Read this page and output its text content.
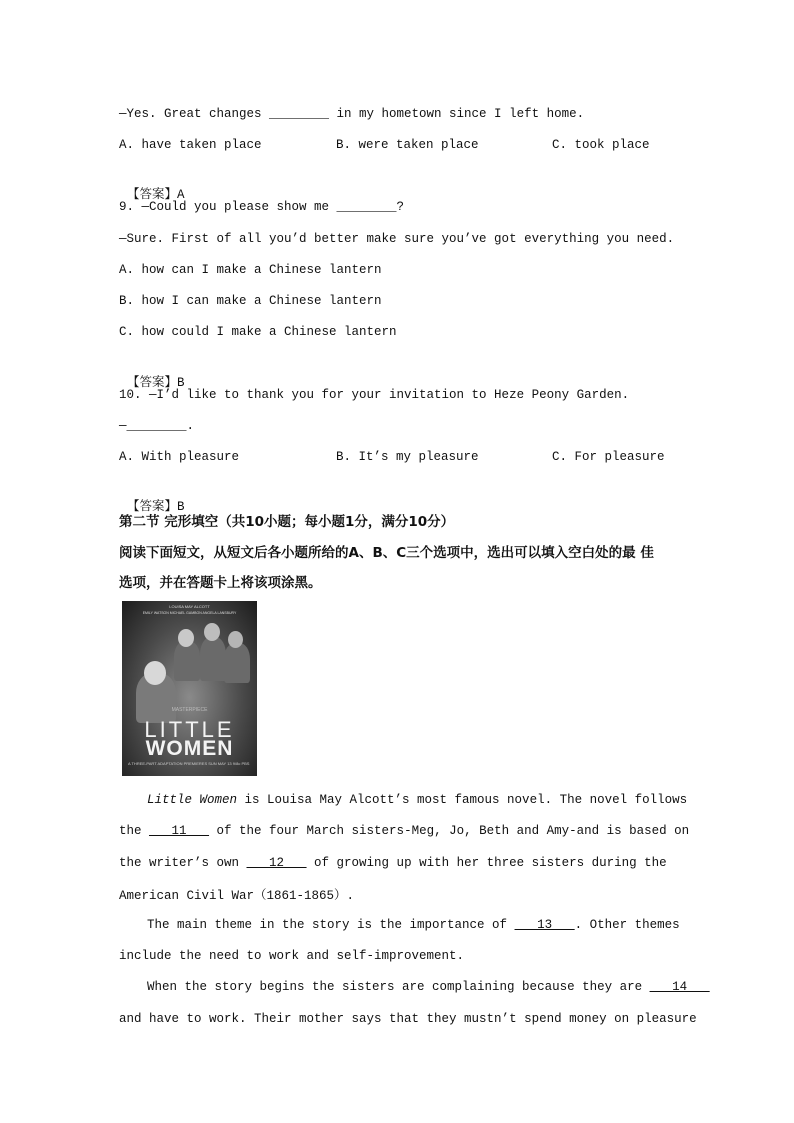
—Yes. Great changes ________ in my hometown since I left home.
A. have taken place	B. were taken place	C. took place

【答案】A

9. —Could you please show me ________?
—Sure. First of all you’d better make sure you’ve got everything you need.
A. how can I make a Chinese lantern
B. how I can make a Chinese lantern
C. how could I make a Chinese lantern

【答案】B

10. —I’d like to thank you for your invitation to Heze Peony Garden.
—________.
A. With pleasure	B. It’s my pleasure	C. For pleasure

【答案】B

第二节 完形填空（共10小题；每小题1分，满分10分）
阅读下面短文，从短文后各小题所给的A、B、C三个选项中，选出可以填入空白处的最 佳
选项，并在答题卡上将该项涂黑。
LOUISA MAY ALCOTT
EMILY WATSON MICHAEL GAMBON ANGELA LANSBURY
MASTERPIECE
LITTLE
WOMEN
A THREE-PART ADAPTATION PREMIERES SUN MAY 13 9/8c PBS
Little Women is Louisa May Alcott’s most famous novel. The novel follows
the ___11___ of the four March sisters-Meg, Jo, Beth and Amy-and is based on
the writer’s own ___12___ of growing up with her three sisters during the
American Civil War（1861-1865）.
The main theme in the story is the importance of ___13___. Other themes
include the need to work and self-improvement.
When the story begins the sisters are complaining because they are ___14___
and have to work. Their mother says that they mustn’t spend money on pleasure
